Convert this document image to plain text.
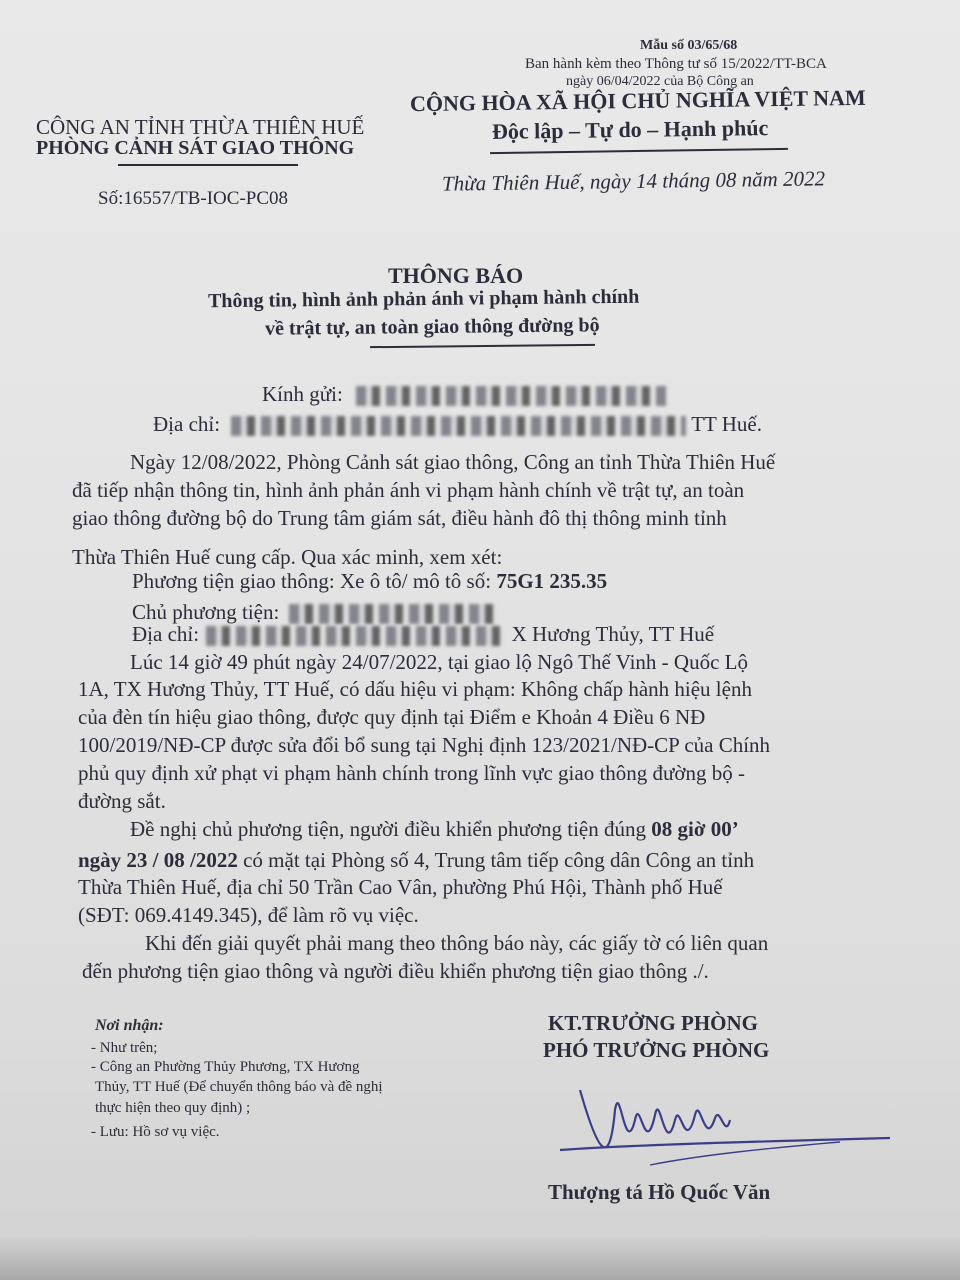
Mẫu số 03/65/68
Ban hành kèm theo Thông tư số 15/2022/TT-BCA
ngày 06/04/2022 của Bộ Công an
CÔNG AN TỈNH THỪA THIÊN HUẾ
PHÒNG CẢNH SÁT GIAO THÔNG
Số:16557/TB-IOC-PC08
CỘNG HÒA XÃ HỘI CHỦ NGHĨA VIỆT NAM
Độc lập – Tự do – Hạnh phúc
Thừa Thiên Huế, ngày 14 tháng 08 năm 2022
THÔNG BÁO
Thông tin, hình ảnh phản ánh vi phạm hành chính
về trật tự, an toàn giao thông đường bộ
Kính gửi:
Địa chỉ:	TT Huế.
Ngày 12/08/2022, Phòng Cảnh sát giao thông, Công an tỉnh Thừa Thiên Huế
đã tiếp nhận thông tin, hình ảnh phản ánh vi phạm hành chính về trật tự, an toàn
giao thông đường bộ do Trung tâm giám sát, điều hành đô thị thông minh tỉnh
Thừa Thiên Huế cung cấp. Qua xác minh, xem xét:
Phương tiện giao thông: Xe ô tô/ mô tô số: 75G1 235.35
Chủ phương tiện:
Địa chỉ:	X Hương Thủy, TT Huế
Lúc 14 giờ 49 phút ngày 24/07/2022, tại giao lộ Ngô Thế Vinh - Quốc Lộ
1A, TX Hương Thủy, TT Huế, có dấu hiệu vi phạm: Không chấp hành hiệu lệnh
của đèn tín hiệu giao thông, được quy định tại Điểm e Khoản 4 Điều 6 NĐ
100/2019/NĐ-CP được sửa đổi bổ sung tại Nghị định 123/2021/NĐ-CP của Chính
phủ quy định xử phạt vi phạm hành chính trong lĩnh vực giao thông đường bộ -
đường sắt.
Đề nghị chủ phương tiện, người điều khiển phương tiện đúng 08 giờ 00’
ngày 23 / 08 /2022 có mặt tại Phòng số 4, Trung tâm tiếp công dân Công an tỉnh
Thừa Thiên Huế, địa chỉ 50 Trần Cao Vân, phường Phú Hội, Thành phố Huế
(SĐT: 069.4149.345), để làm rõ vụ việc.
Khi đến giải quyết phải mang theo thông báo này, các giấy tờ có liên quan
đến phương tiện giao thông và người điều khiển phương tiện giao thông ./.
Nơi nhận:
- Như trên;
- Công an Phường Thủy Phương, TX Hương
Thủy, TT Huế (Để chuyển thông báo và đề nghị
thực hiện theo quy định) ;
- Lưu: Hồ sơ vụ việc.
KT.TRƯỞNG PHÒNG
PHÓ TRƯỞNG PHÒNG
Thượng tá Hồ Quốc Văn
